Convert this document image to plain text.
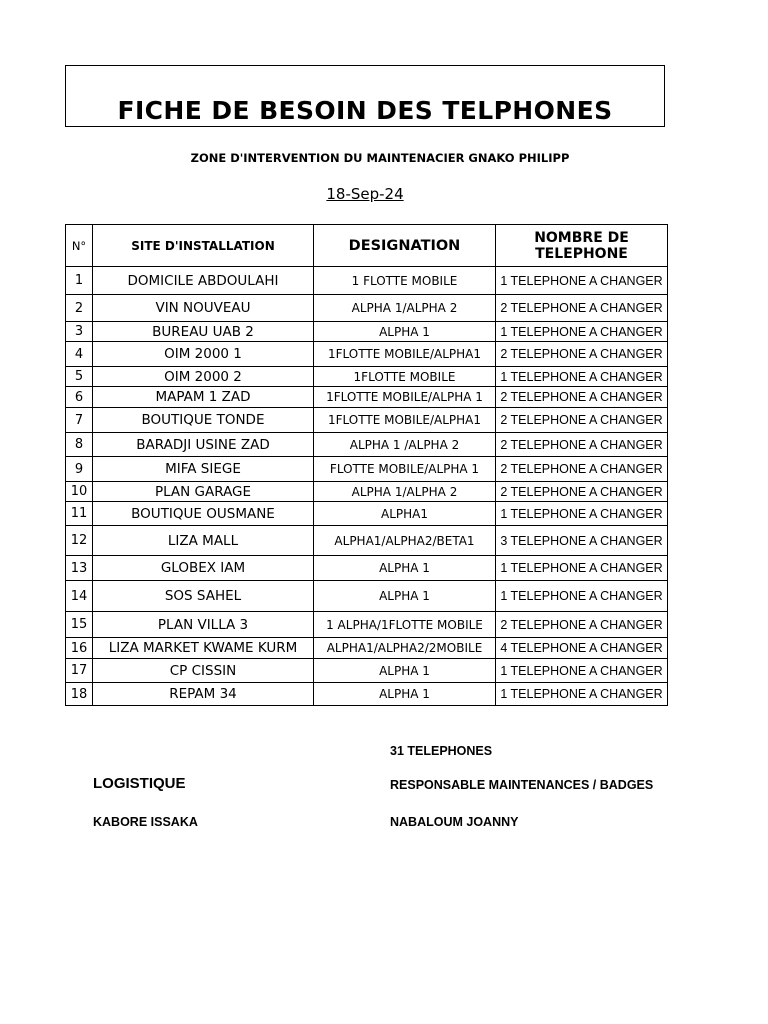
FICHE DE BESOIN DES TELPHONES
ZONE D'INTERVENTION DU MAINTENACIER GNAKO PHILIPP
18-Sep-24
N°	SITE D'INSTALLATION	DESIGNATION	NOMBRE DE TELEPHONE
1	DOMICILE ABDOULAHI	1 FLOTTE MOBILE	1 TELEPHONE A CHANGER
2	VIN NOUVEAU	ALPHA 1/ALPHA 2	2 TELEPHONE A CHANGER
3	BUREAU UAB 2	ALPHA 1	1 TELEPHONE A CHANGER
4	OIM 2000 1	1FLOTTE MOBILE/ALPHA1	2 TELEPHONE A CHANGER
5	OIM 2000 2	1FLOTTE MOBILE	1 TELEPHONE A CHANGER
6	MAPAM 1 ZAD	1FLOTTE MOBILE/ALPHA 1	2 TELEPHONE A CHANGER
7	BOUTIQUE TONDE	1FLOTTE MOBILE/ALPHA1	2 TELEPHONE A CHANGER
8	BARADJI USINE ZAD	ALPHA 1 /ALPHA 2	2 TELEPHONE A CHANGER
9	MIFA SIEGE	FLOTTE MOBILE/ALPHA 1	2 TELEPHONE A CHANGER
10	PLAN GARAGE	ALPHA 1/ALPHA 2	2 TELEPHONE A CHANGER
11	BOUTIQUE OUSMANE	ALPHA1	1 TELEPHONE A CHANGER
12	LIZA MALL	ALPHA1/ALPHA2/BETA1	3 TELEPHONE A CHANGER
13	GLOBEX IAM	ALPHA 1	1 TELEPHONE A CHANGER
14	SOS SAHEL	ALPHA 1	1 TELEPHONE A CHANGER
15	PLAN VILLA 3	1 ALPHA/1FLOTTE MOBILE	2 TELEPHONE A CHANGER
16	LIZA MARKET KWAME KURM	ALPHA1/ALPHA2/2MOBILE	4 TELEPHONE A CHANGER
17	CP CISSIN	ALPHA 1	1 TELEPHONE A CHANGER
18	REPAM 34	ALPHA 1	1 TELEPHONE A CHANGER
31 TELEPHONES
LOGISTIQUE	RESPONSABLE MAINTENANCES / BADGES
KABORE ISSAKA	NABALOUM JOANNY
